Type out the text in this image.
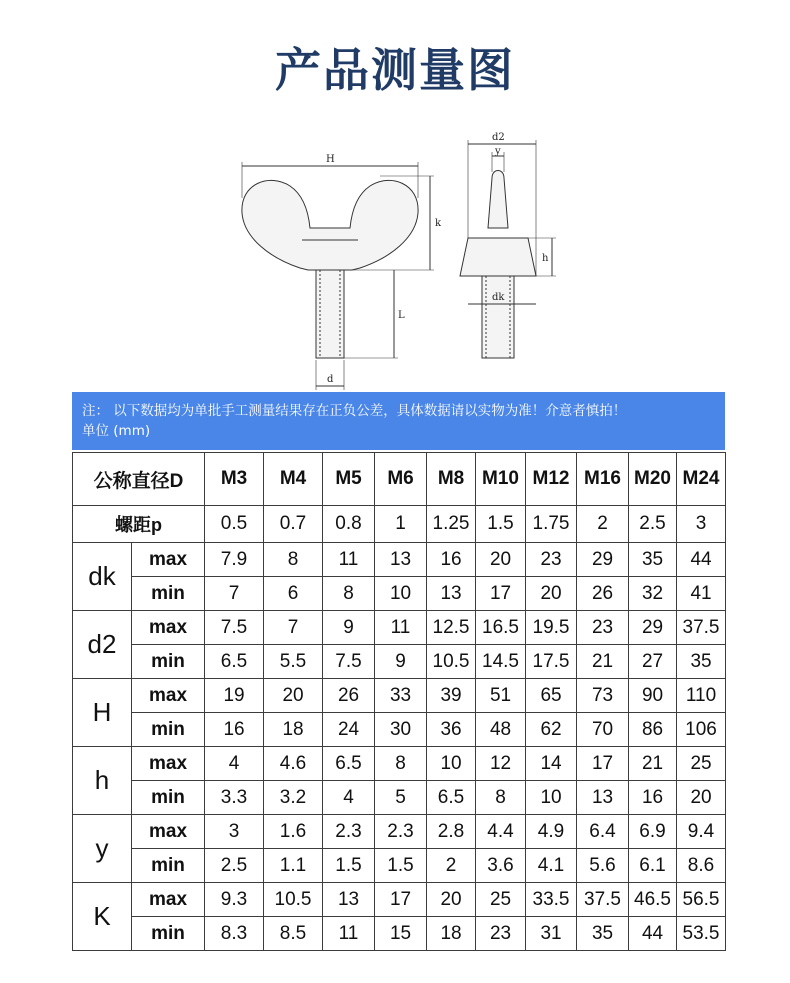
产品测量图
H
k
L
d
d2
y
h
dk
注： 以下数据均为单批手工测量结果存在正负公差，具体数据请以实物为准！介意者慎拍！
单位 (mm)
公称直径D		M3	M4	M5	M6	M8	M10	M12	M16	M20	M24
螺距p		0.5	0.7	0.8	1	1.25	1.5	1.75	2	2.5	3
dk	max	7.9	8	11	13	16	20	23	29	35	44
	min	7	6	8	10	13	17	20	26	32	41
d2	max	7.5	7	9	11	12.5	16.5	19.5	23	29	37.5
	min	6.5	5.5	7.5	9	10.5	14.5	17.5	21	27	35
H	max	19	20	26	33	39	51	65	73	90	110
	min	16	18	24	30	36	48	62	70	86	106
h	max	4	4.6	6.5	8	10	12	14	17	21	25
	min	3.3	3.2	4	5	6.5	8	10	13	16	20
y	max	3	1.6	2.3	2.3	2.8	4.4	4.9	6.4	6.9	9.4
	min	2.5	1.1	1.5	1.5	2	3.6	4.1	5.6	6.1	8.6
K	max	9.3	10.5	13	17	20	25	33.5	37.5	46.5	56.5
	min	8.3	8.5	11	15	18	23	31	35	44	53.5
